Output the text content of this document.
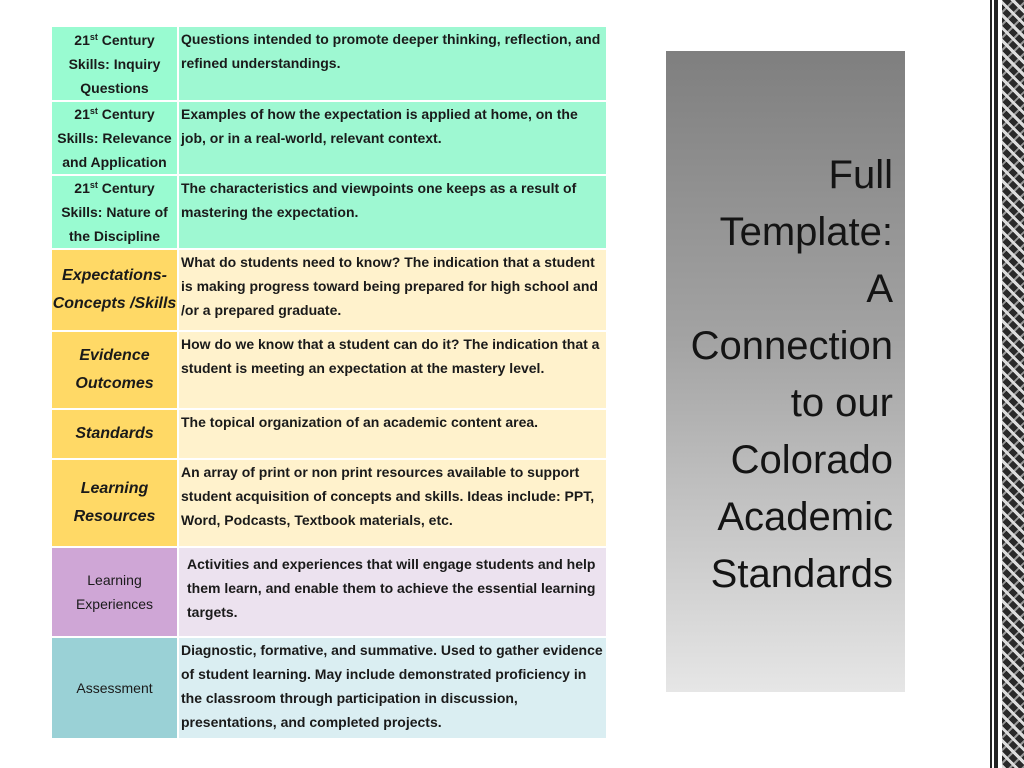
21st Century Skills: Inquiry Questions	Questions intended to promote deeper thinking, reflection, and refined understandings.
21st Century Skills: Relevance and Application	Examples of how the expectation is applied at home, on the job, or in a real-world, relevant context.
21st Century Skills: Nature of the Discipline	The characteristics and viewpoints one keeps as a result of mastering the expectation.
Expectations-Concepts /Skills	What do students need to know? The indication that a student is making progress toward being prepared for high school and /or a prepared graduate.
Evidence Outcomes	How do we know that a student can do it? The indication that a student is meeting an expectation at the mastery level.
Standards	The topical organization of an academic content area.
Learning Resources	An array of print or non print resources available to support student acquisition of concepts and skills. Ideas include: PPT, Word, Podcasts, Textbook materials, etc.
Learning Experiences	Activities and experiences that will engage students and help them learn, and enable them to achieve the essential learning targets.
Assessment	Diagnostic, formative, and summative. Used to gather evidence of student learning. May include demonstrated proficiency in the classroom through participation in discussion, presentations, and completed projects.
Full
Template:
A
Connection
to our
Colorado
Academic
Standards
